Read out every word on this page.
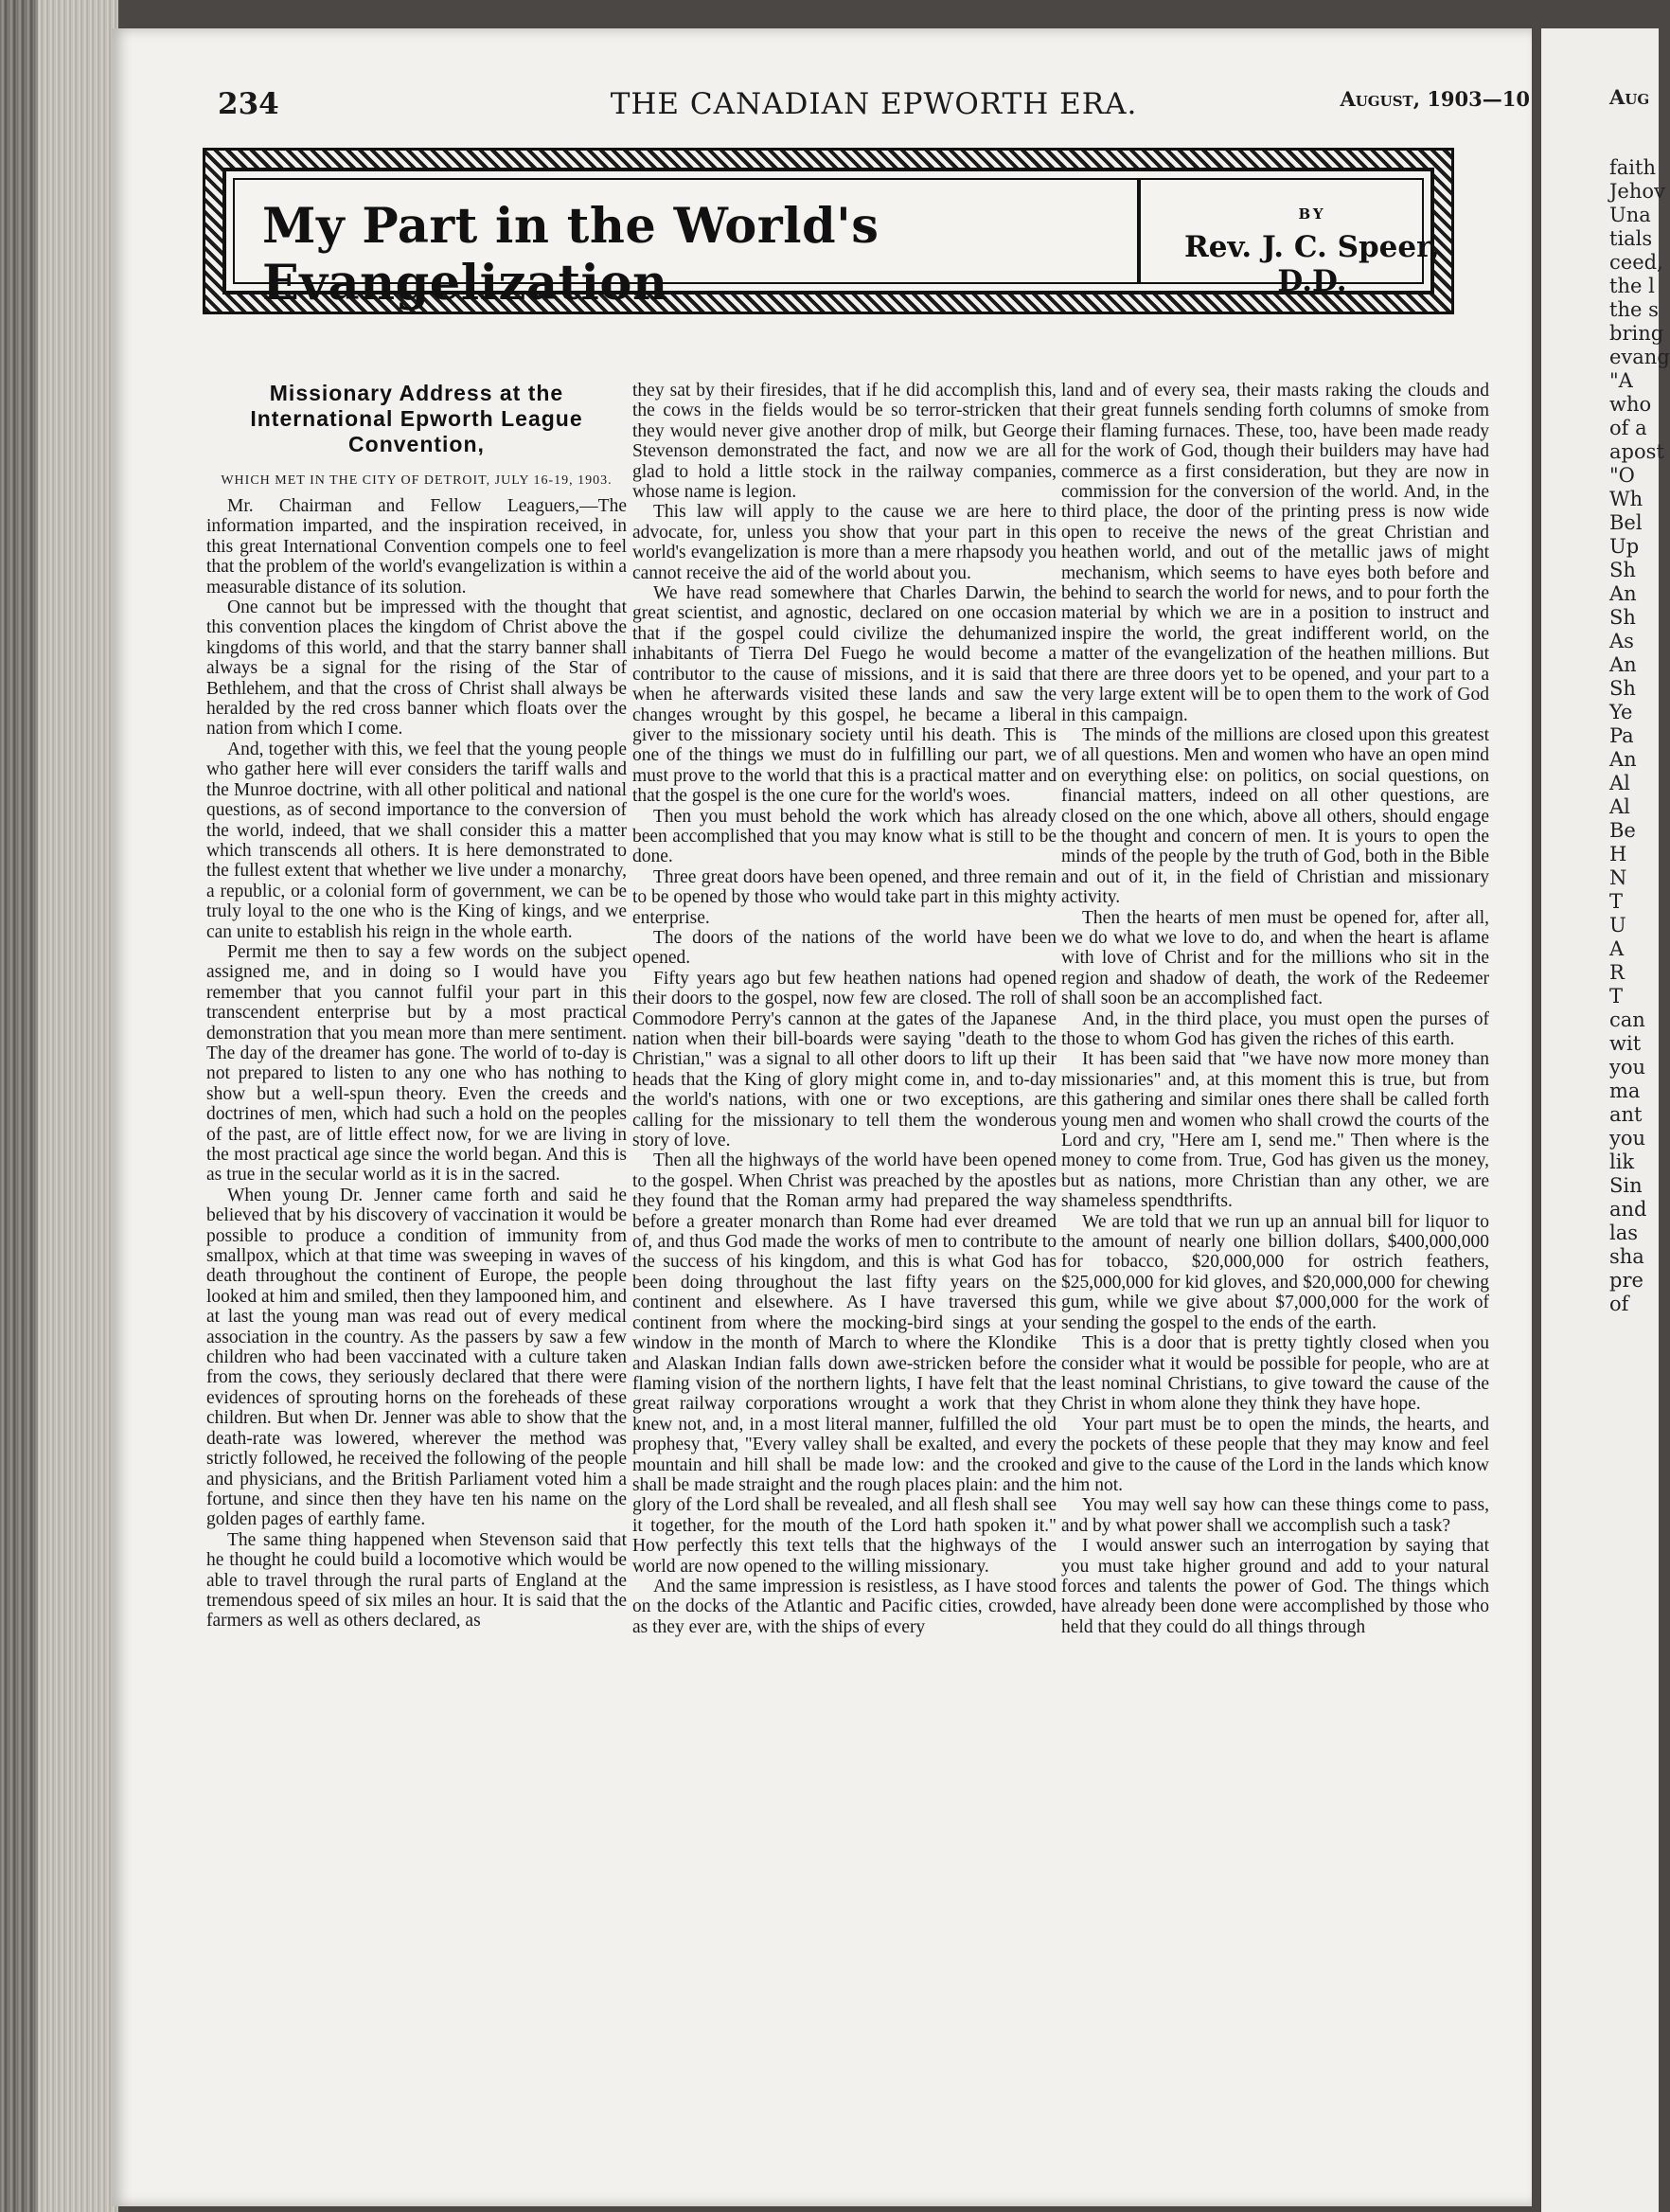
234	THE CANADIAN EPWORTH ERA.	August, 1903—10
My Part in the World's Evangelization
BY
Rev. J. C. Speer, D.D.
Missionary Address at the International Epworth League Convention,

WHICH MET IN THE CITY OF DETROIT, JULY 16-19, 1903.

Mr. Chairman and Fellow Leaguers,—The information imparted, and the inspiration received, in this great International Convention compels one to feel that the problem of the world's evangelization is within a measurable distance of its solution.

One cannot but be impressed with the thought that this convention places the kingdom of Christ above the kingdoms of this world, and that the starry banner shall always be a signal for the rising of the Star of Bethlehem, and that the cross of Christ shall always be heralded by the red cross banner which floats over the nation from which I come.

And, together with this, we feel that the young people who gather here will ever considers the tariff walls and the Munroe doctrine, with all other political and national questions, as of second importance to the conversion of the world, indeed, that we shall consider this a matter which transcends all others. It is here demonstrated to the fullest extent that whether we live under a monarchy, a republic, or a colonial form of government, we can be truly loyal to the one who is the King of kings, and we can unite to establish his reign in the whole earth.

Permit me then to say a few words on the subject assigned me, and in doing so I would have you remember that you cannot fulfil your part in this transcendent enterprise but by a most practical demonstration that you mean more than mere sentiment. The day of the dreamer has gone. The world of to-day is not prepared to listen to any one who has nothing to show but a well-spun theory. Even the creeds and doctrines of men, which had such a hold on the peoples of the past, are of little effect now, for we are living in the most practical age since the world began. And this is as true in the secular world as it is in the sacred.

When young Dr. Jenner came forth and said he believed that by his discovery of vaccination it would be possible to produce a condition of immunity from smallpox, which at that time was sweeping in waves of death throughout the continent of Europe, the people looked at him and smiled, then they lampooned him, and at last the young man was read out of every medical association in the country. As the passers by saw a few children who had been vaccinated with a culture taken from the cows, they seriously declared that there were evidences of sprouting horns on the foreheads of these children. But when Dr. Jenner was able to show that the death-rate was lowered, wherever the method was strictly followed, he received the following of the people and physicians, and the British Parliament voted him a fortune, and since then they have ten his name on the golden pages of earthly fame.

The same thing happened when Stevenson said that he thought he could build a locomotive which would be able to travel through the rural parts of England at the tremendous speed of six miles an hour. It is said that the farmers as well as others declared, as

they sat by their firesides, that if he did accomplish this, the cows in the fields would be so terror-stricken that they would never give another drop of milk, but George Stevenson demonstrated the fact, and now we are all glad to hold a little stock in the railway companies, whose name is legion.

This law will apply to the cause we are here to advocate, for, unless you show that your part in this world's evangelization is more than a mere rhapsody you cannot receive the aid of the world about you.

We have read somewhere that Charles Darwin, the great scientist, and agnostic, declared on one occasion that if the gospel could civilize the dehumanized inhabitants of Tierra Del Fuego he would become a contributor to the cause of missions, and it is said that when he afterwards visited these lands and saw the changes wrought by this gospel, he became a liberal giver to the missionary society until his death. This is one of the things we must do in fulfilling our part, we must prove to the world that this is a practical matter and that the gospel is the one cure for the world's woes.

Then you must behold the work which has already been accomplished that you may know what is still to be done.

Three great doors have been opened, and three remain to be opened by those who would take part in this mighty enterprise.

The doors of the nations of the world have been opened.

Fifty years ago but few heathen nations had opened their doors to the gospel, now few are closed. The roll of Commodore Perry's cannon at the gates of the Japanese nation when their bill-boards were saying "death to the Christian," was a signal to all other doors to lift up their heads that the King of glory might come in, and to-day the world's nations, with one or two exceptions, are calling for the missionary to tell them the wonderous story of love.

Then all the highways of the world have been opened to the gospel. When Christ was preached by the apostles they found that the Roman army had prepared the way before a greater monarch than Rome had ever dreamed of, and thus God made the works of men to contribute to the success of his kingdom, and this is what God has been doing throughout the last fifty years on the continent and elsewhere. As I have traversed this continent from where the mocking-bird sings at your window in the month of March to where the Klondike and Alaskan Indian falls down awe-stricken before the flaming vision of the northern lights, I have felt that the great railway corporations wrought a work that they knew not, and, in a most literal manner, fulfilled the old prophesy that, "Every valley shall be exalted, and every mountain and hill shall be made low: and the crooked shall be made straight and the rough places plain: and the glory of the Lord shall be revealed, and all flesh shall see it together, for the mouth of the Lord hath spoken it." How perfectly this text tells that the highways of the world are now opened to the willing missionary.

And the same impression is resistless, as I have stood on the docks of the Atlantic and Pacific cities, crowded, as they ever are, with the ships of every

land and of every sea, their masts raking the clouds and their great funnels sending forth columns of smoke from their flaming furnaces. These, too, have been made ready for the work of God, though their builders may have had commerce as a first consideration, but they are now in commission for the conversion of the world. And, in the third place, the door of the printing press is now wide open to receive the news of the great Christian and heathen world, and out of the metallic jaws of might mechanism, which seems to have eyes both before and behind to search the world for news, and to pour forth the material by which we are in a position to instruct and inspire the world, the great indifferent world, on the matter of the evangelization of the heathen millions. But there are three doors yet to be opened, and your part to a very large extent will be to open them to the work of God in this campaign.

The minds of the millions are closed upon this greatest of all questions. Men and women who have an open mind on everything else: on politics, on social questions, on financial matters, indeed on all other questions, are closed on the one which, above all others, should engage the thought and concern of men. It is yours to open the minds of the people by the truth of God, both in the Bible and out of it, in the field of Christian and missionary activity.

Then the hearts of men must be opened for, after all, we do what we love to do, and when the heart is aflame with love of Christ and for the millions who sit in the region and shadow of death, the work of the Redeemer shall soon be an accomplished fact.

And, in the third place, you must open the purses of those to whom God has given the riches of this earth.

It has been said that "we have now more money than missionaries" and, at this moment this is true, but from this gathering and similar ones there shall be called forth young men and women who shall crowd the courts of the Lord and cry, "Here am I, send me." Then where is the money to come from. True, God has given us the money, but as nations, more Christian than any other, we are shameless spendthrifts.

We are told that we run up an annual bill for liquor to the amount of nearly one billion dollars, $400,000,000 for tobacco, $20,000,000 for ostrich feathers, $25,000,000 for kid gloves, and $20,000,000 for chewing gum, while we give about $7,000,000 for the work of sending the gospel to the ends of the earth.

This is a door that is pretty tightly closed when you consider what it would be possible for people, who are at least nominal Christians, to give toward the cause of the Christ in whom alone they think they have hope.

Your part must be to open the minds, the hearts, and the pockets of these people that they may know and feel and give to the cause of the Lord in the lands which know him not.

You may well say how can these things come to pass, and by what power shall we accomplish such a task?

I would answer such an interrogation by saying that you must take higher ground and add to your natural forces and talents the power of God. The things which have already been done were accomplished by those who held that they could do all things through

Aug
faith
Jehov
Una
tials
ceed,
the l
the s
bring
evang
"A
who
of a
apost
"O
Wh
Bel
Up
Sh
An
Sh
As
An
Sh
Ye
Pa
An
Al
Al
Be
H
N
T
U
A
R
T
can
wit
you
ma
ant
you
lik
Sin
and
las
sha
pre
of
